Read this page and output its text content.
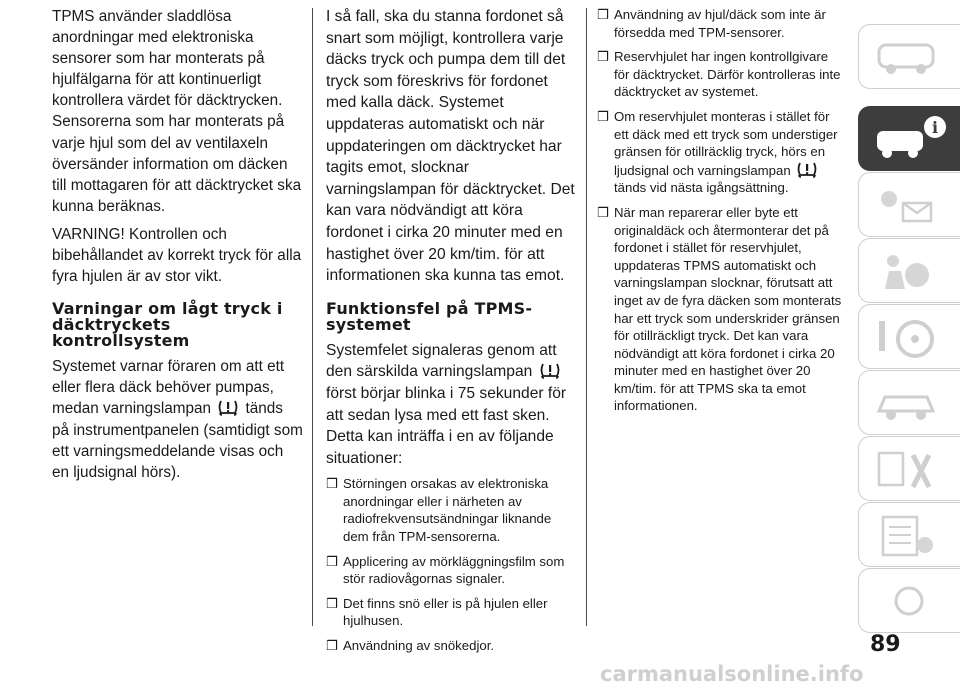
TPMS använder sladdlösa anordningar med elektroniska sensorer som har monterats på hjulfälgarna för att kontinuerligt kontrollera värdet för däcktrycken. Sensorerna som har monterats på varje hjul som del av ventilaxeln översänder information om däcken till mottagaren för att däcktrycket ska kunna beräknas.

VARNING! Kontrollen och bibehållandet av korrekt tryck för alla fyra hjulen är av stor vikt.

Varningar om lågt tryck i däcktryckets kontrollsystem

Systemet varnar föraren om att ett eller flera däck behöver pumpas, medan varningslampan tänds på instrumentpanelen (samtidigt som ett varningsmeddelande visas och en ljudsignal hörs).

I så fall, ska du stanna fordonet så snart som möjligt, kontrollera varje däcks tryck och pumpa dem till det tryck som föreskrivs för fordonet med kalla däck. Systemet uppdateras automatiskt och när uppdateringen om däcktrycket har tagits emot, slocknar varningslampan för däcktrycket. Det kan vara nödvändigt att köra fordonet i cirka 20 minuter med en hastighet över 20 km/tim. för att informationen ska kunna tas emot.

Funktionsfel på TPMS-systemet

Systemfelet signaleras genom att den särskilda varningslampan  först börjar blinka i 75 sekunder för att sedan lysa med ett fast sken. Detta kan inträffa i en av följande situationer:

❒ Störningen orsakas av elektroniska anordningar eller i närheten av radiofrekvensutsändningar liknande dem från TPM-sensorerna.
❒ Applicering av mörkläggningsfilm som stör radiovågornas signaler.
❒ Det finns snö eller is på hjulen eller hjulhusen.
❒ Användning av snökedjor.
❒ Användning av hjul/däck som inte är försedda med TPM-sensorer.
❒ Reservhjulet har ingen kontrollgivare för däcktrycket. Därför kontrolleras inte däcktrycket av systemet.
❒ Om reservhjulet monteras i stället för ett däck med ett tryck som understiger gränsen för otillräcklig tryck, hörs en ljudsignal och varningslampan  tänds vid nästa igångsättning.
❒ När man reparerar eller byte ett originaldäck och återmonterar det på fordonet i stället för reservhjulet, uppdateras TPMS automatiskt och varningslampan slocknar, förutsatt att inget av de fyra däcken som monterats har ett tryck som underskrider gränsen för otillräckligt tryck. Det kan vara nödvändigt att köra fordonet i cirka 20 minuter med en hastighet över 20 km/tim. för att TPMS ska ta emot informationen.
i
89
carmanualsonline.info
